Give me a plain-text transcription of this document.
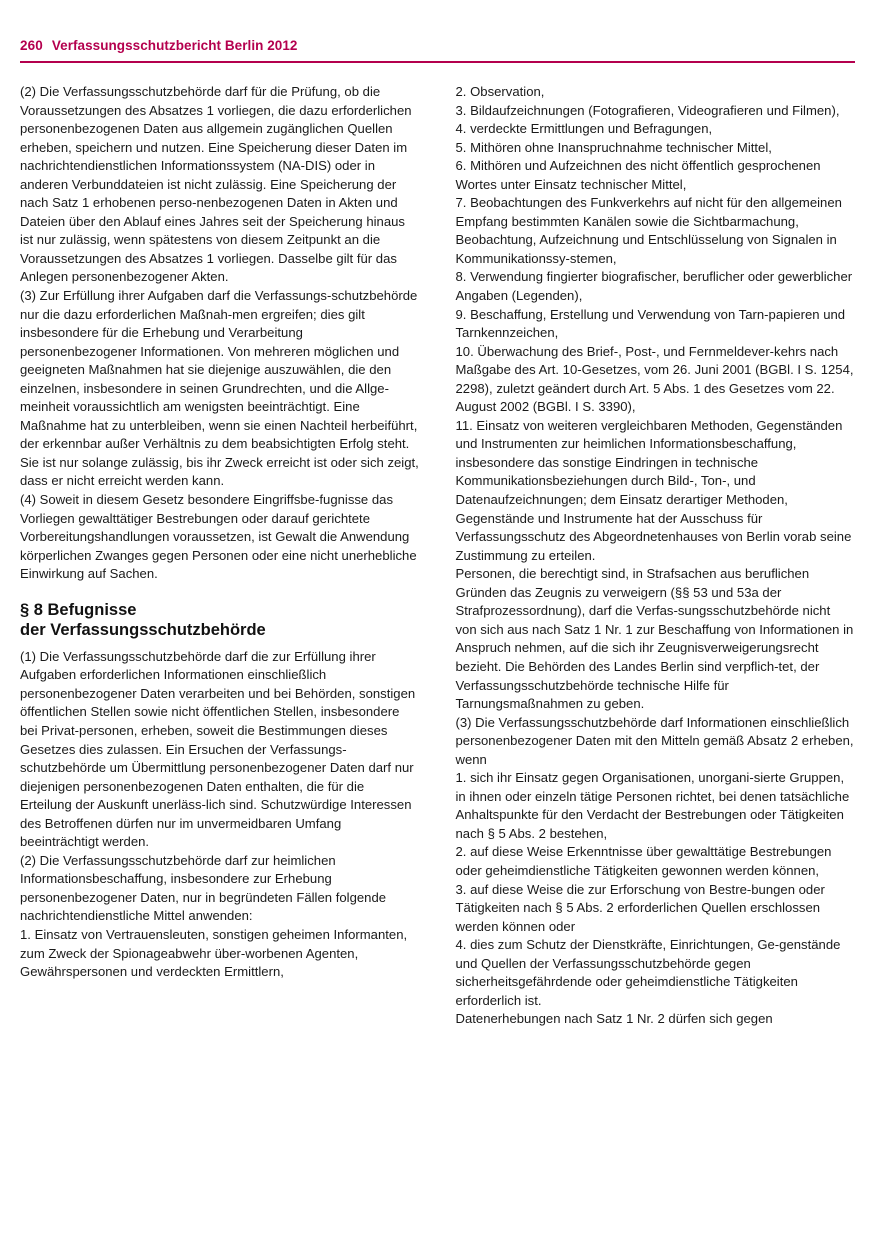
260 Verfassungsschutzbericht Berlin 2012

(2) Die Verfassungsschutzbehörde darf für die Prüfung, ob die Voraussetzungen des Absatzes 1 vorliegen, die dazu erforderlichen personenbezogenen Daten aus allgemein zugänglichen Quellen erheben, speichern und nutzen. Eine Speicherung dieser Daten im nachrichtendienstlichen Informationssystem (NA-DIS) oder in anderen Verbunddateien ist nicht zulässig. Eine Speicherung der nach Satz 1 erhobenen perso-nenbezogenen Daten in Akten und Dateien über den Ablauf eines Jahres seit der Speicherung hinaus ist nur zulässig, wenn spätestens von diesem Zeitpunkt an die Voraussetzungen des Absatzes 1 vorliegen. Dasselbe gilt für das Anlegen personenbezogener Akten.

(3) Zur Erfüllung ihrer Aufgaben darf die Verfassungs-schutzbehörde nur die dazu erforderlichen Maßnah-men ergreifen; dies gilt insbesondere für die Erhebung und Verarbeitung personenbezogener Informationen. Von mehreren möglichen und geeigneten Maßnahmen hat sie diejenige auszuwählen, die den einzelnen, insbesondere in seinen Grundrechten, und die Allge-meinheit voraussichtlich am wenigsten beeinträchtigt. Eine Maßnahme hat zu unterbleiben, wenn sie einen Nachteil herbeiführt, der erkennbar außer Verhältnis zu dem beabsichtigten Erfolg steht. Sie ist nur solange zulässig, bis ihr Zweck erreicht ist oder sich zeigt, dass er nicht erreicht werden kann.

(4) Soweit in diesem Gesetz besondere Eingriffsbe-fugnisse das Vorliegen gewalttätiger Bestrebungen oder darauf gerichtete Vorbereitungshandlungen voraussetzen, ist Gewalt die Anwendung körperlichen Zwanges gegen Personen oder eine nicht unerhebliche Einwirkung auf Sachen.

§ 8 Befugnisse
der Verfassungsschutzbehörde

(1) Die Verfassungsschutzbehörde darf die zur Erfüllung ihrer Aufgaben erforderlichen Informationen einschließlich personenbezogener Daten verarbeiten und bei Behörden, sonstigen öffentlichen Stellen sowie nicht öffentlichen Stellen, insbesondere bei Privat-personen, erheben, soweit die Bestimmungen dieses Gesetzes dies zulassen. Ein Ersuchen der Verfassungs-schutzbehörde um Übermittlung personenbezogener Daten darf nur diejenigen personenbezogenen Daten enthalten, die für die Erteilung der Auskunft unerläss-lich sind. Schutzwürdige Interessen des Betroffenen dürfen nur im unvermeidbaren Umfang beeinträchtigt werden.

(2) Die Verfassungsschutzbehörde darf zur heimlichen Informationsbeschaffung, insbesondere zur Erhebung personenbezogener Daten, nur in begründeten Fällen folgende nachrichtendienstliche Mittel anwenden:

1. Einsatz von Vertrauensleuten, sonstigen geheimen Informanten, zum Zweck der Spionageabwehr über-worbenen Agenten, Gewährspersonen und verdeckten Ermittlern,

2. Observation,

3. Bildaufzeichnungen (Fotografieren, Videografieren und Filmen),

4. verdeckte Ermittlungen und Befragungen,

5. Mithören ohne Inanspruchnahme technischer Mittel,

6. Mithören und Aufzeichnen des nicht öffentlich gesprochenen Wortes unter Einsatz technischer Mittel,

7. Beobachtungen des Funkverkehrs auf nicht für den allgemeinen Empfang bestimmten Kanälen sowie die Sichtbarmachung, Beobachtung, Aufzeichnung und Entschlüsselung von Signalen in Kommunikationssy-stemen,

8. Verwendung fingierter biografischer, beruflicher oder gewerblicher Angaben (Legenden),

9. Beschaffung, Erstellung und Verwendung von Tarn-papieren und Tarnkennzeichen,

10. Überwachung des Brief-, Post-, und Fernmeldever-kehrs nach Maßgabe des Art. 10-Gesetzes, vom 26. Juni 2001 (BGBl. I S. 1254, 2298), zuletzt geändert durch Art. 5 Abs. 1 des Gesetzes vom 22. August 2002 (BGBl. I S. 3390),

11. Einsatz von weiteren vergleichbaren Methoden, Gegenständen und Instrumenten zur heimlichen Informationsbeschaffung, insbesondere das sonstige Eindringen in technische Kommunikationsbeziehungen durch Bild-, Ton-, und Datenaufzeichnungen; dem Einsatz derartiger Methoden, Gegenstände und Instrumente hat der Ausschuss für Verfassungsschutz des Abgeordnetenhauses von Berlin vorab seine Zustimmung zu erteilen.

Personen, die berechtigt sind, in Strafsachen aus beruflichen Gründen das Zeugnis zu verweigern (§§ 53 und 53a der Strafprozessordnung), darf die Verfas-sungsschutzbehörde nicht von sich aus nach Satz 1 Nr. 1 zur Beschaffung von Informationen in Anspruch nehmen, auf die sich ihr Zeugnisverweigerungsrecht bezieht. Die Behörden des Landes Berlin sind verpflich-tet, der Verfassungsschutzbehörde technische Hilfe für Tarnungsmaßnahmen zu geben.

(3) Die Verfassungsschutzbehörde darf Informationen einschließlich personenbezogener Daten mit den Mitteln gemäß Absatz 2 erheben, wenn

1. sich ihr Einsatz gegen Organisationen, unorgani-sierte Gruppen, in ihnen oder einzeln tätige Personen richtet, bei denen tatsächliche Anhaltspunkte für den Verdacht der Bestrebungen oder Tätigkeiten nach § 5 Abs. 2 bestehen,

2. auf diese Weise Erkenntnisse über gewalttätige Bestrebungen oder geheimdienstliche Tätigkeiten gewonnen werden können,

3. auf diese Weise die zur Erforschung von Bestre-bungen oder Tätigkeiten nach § 5 Abs. 2 erforderlichen Quellen erschlossen werden können oder

4. dies zum Schutz der Dienstkräfte, Einrichtungen, Ge-genstände und Quellen der Verfassungsschutzbehörde gegen sicherheitsgefährdende oder geheimdienstliche Tätigkeiten erforderlich ist.

Datenerhebungen nach Satz 1 Nr. 2 dürfen sich gegen
